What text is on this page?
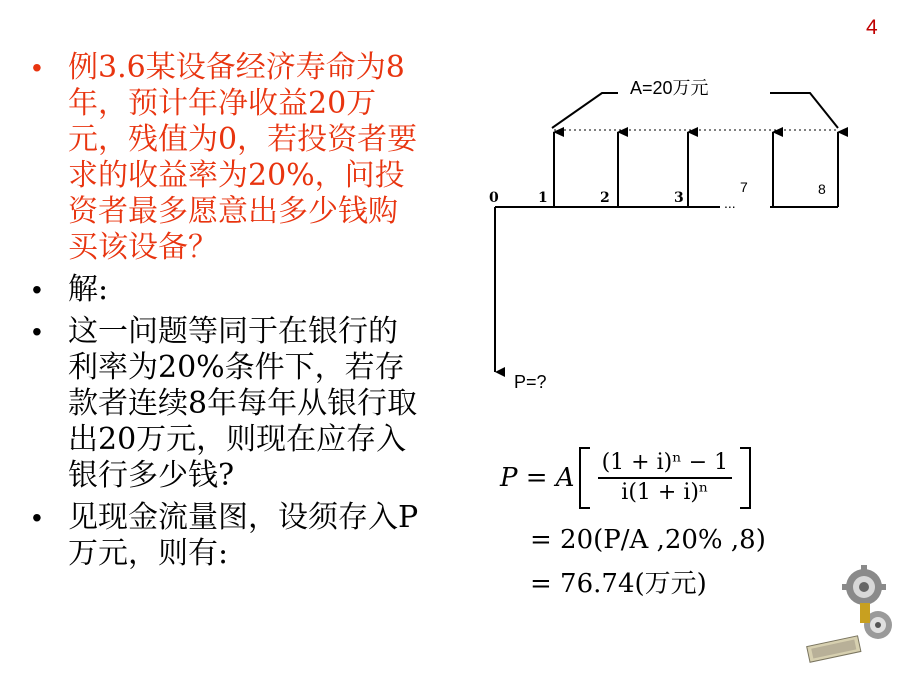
4
• 例3.6某设备经济寿命为8年，预计年净收益20万元，残值为0，若投资者要求的收益率为20%，问投资者最多愿意出多少钱购买该设备？
• 解:
• 这一问题等同于在银行的利率为20%条件下，若存款者连续8年每年从银行取出20万元，则现在应存入银行多少钱?
• 见现金流量图，设须存入P万元，则有:
A=20万元
0	1	2	3
7	8
...
P=?
P = A $\frac{\text{(1 + i)ⁿ − 1}}{\text{i(1 + i)ⁿ}}$
= 20(P/A ,20% ,8)
= 76.74(万元)
